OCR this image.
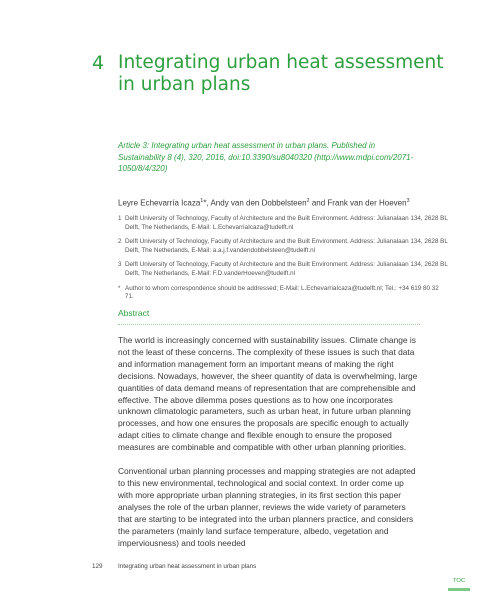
4 Integrating urban heat assessment in urban plans
Article 3: Integrating urban heat assessment in urban plans. Published in Sustainability 8 (4), 320, 2016, doi:10.3390/su8040320 (http://www.mdpi.com/2071-1050/8/4/320)
Leyre Echevarría Icaza$^1$*, Andy van den Dobbelsteen$^2$ and Frank van der Hoeven$^3$
1 Delft University of Technology, Faculty of Architecture and the Built Environment. Address: Julianalaan 134, 2628 BL Delft, The Netherlands, E-Mail: L.EchevarriaIcaza@tudelft.nl
2 Delft University of Technology, Faculty of Architecture and the Built Environment. Address: Julianalaan 134, 2628 BL Delft, The Netherlands, E-Mail: a.a.j.f.vandendobbelsteen@tudelft.nl
3 Delft University of Technology, Faculty of Architecture and the Built Environment. Address: Julianalaan 134, 2628 BL Delft, The Netherlands, E-Mail: F.D.vanderHoeven@tudelft.nl
* Author to whom correspondence should be addressed; E-Mail: L.EchevarriaIcaza@tudelft.nl; Tel.: +34 619 80 32 71.
Abstract

The world is increasingly concerned with sustainability issues. Climate change is not the least of these concerns. The complexity of these issues is such that data and information management form an important means of making the right decisions. Nowadays, however, the sheer quantity of data is overwhelming, large quantities of data demand means of representation that are comprehensible and effective. The above dilemma poses questions as to how one incorporates unknown climatologic parameters, such as urban heat, in future urban planning processes, and how one ensures the proposals are specific enough to actually adapt cities to climate change and flexible enough to ensure the proposed measures are combinable and compatible with other urban planning priorities.

Conventional urban planning processes and mapping strategies are not adapted to this new environmental, technological and social context. In order come up with more appropriate urban planning strategies, in its first section this paper analyses the role of the urban planner, reviews the wide variety of parameters that are starting to be integrated into the urban planners practice, and considers the parameters (mainly land surface temperature, albedo, vegetation and imperviousness) and tools needed

129	Integrating urban heat assessment in urban plans
TOC
